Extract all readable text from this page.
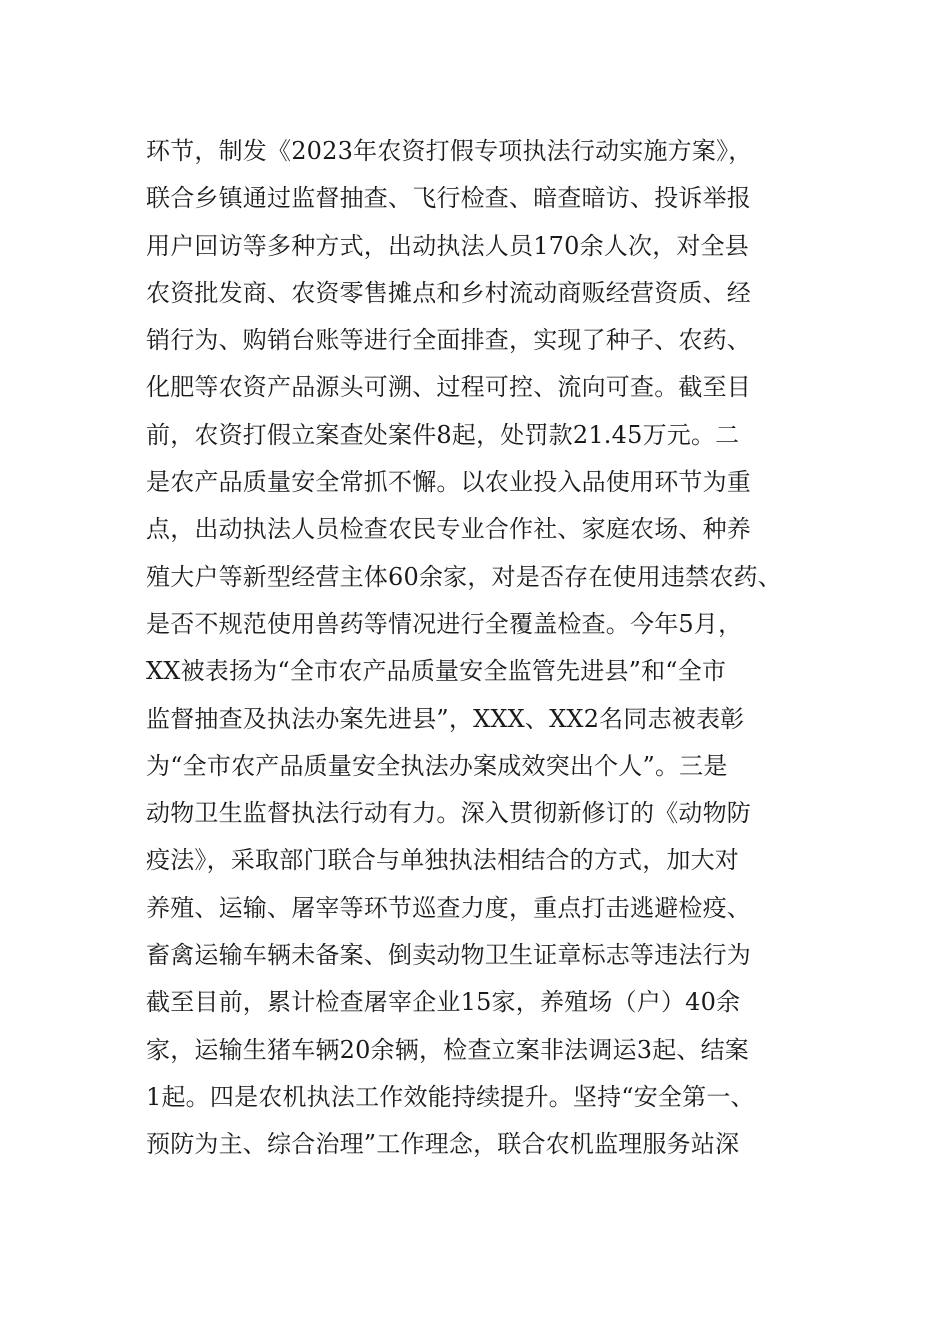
环节，制发《2023年农资打假专项执法行动实施方案》，
联合乡镇通过监督抽查、飞行检查、暗查暗访、投诉举报
用户回访等多种方式，出动执法人员170余人次，对全县
农资批发商、农资零售摊点和乡村流动商贩经营资质、经
销行为、购销台账等进行全面排查，实现了种子、农药、
化肥等农资产品源头可溯、过程可控、流向可查。截至目
前，农资打假立案查处案件8起，处罚款21.45万元。二
是农产品质量安全常抓不懈。以农业投入品使用环节为重
点，出动执法人员检查农民专业合作社、家庭农场、种养
殖大户等新型经营主体60余家，对是否存在使用违禁农药、
是否不规范使用兽药等情况进行全覆盖检查。今年5月，
XX被表扬为“全市农产品质量安全监管先进县”和“全市
监督抽查及执法办案先进县”，XXX、XX2名同志被表彰
为“全市农产品质量安全执法办案成效突出个人”。三是
动物卫生监督执法行动有力。深入贯彻新修订的《动物防
疫法》，采取部门联合与单独执法相结合的方式，加大对
养殖、运输、屠宰等环节巡查力度，重点打击逃避检疫、
畜禽运输车辆未备案、倒卖动物卫生证章标志等违法行为
截至目前，累计检查屠宰企业15家，养殖场（户）40余
家，运输生猪车辆20余辆，检查立案非法调运3起、结案
1起。四是农机执法工作效能持续提升。坚持“安全第一、
预防为主、综合治理”工作理念，联合农机监理服务站深
